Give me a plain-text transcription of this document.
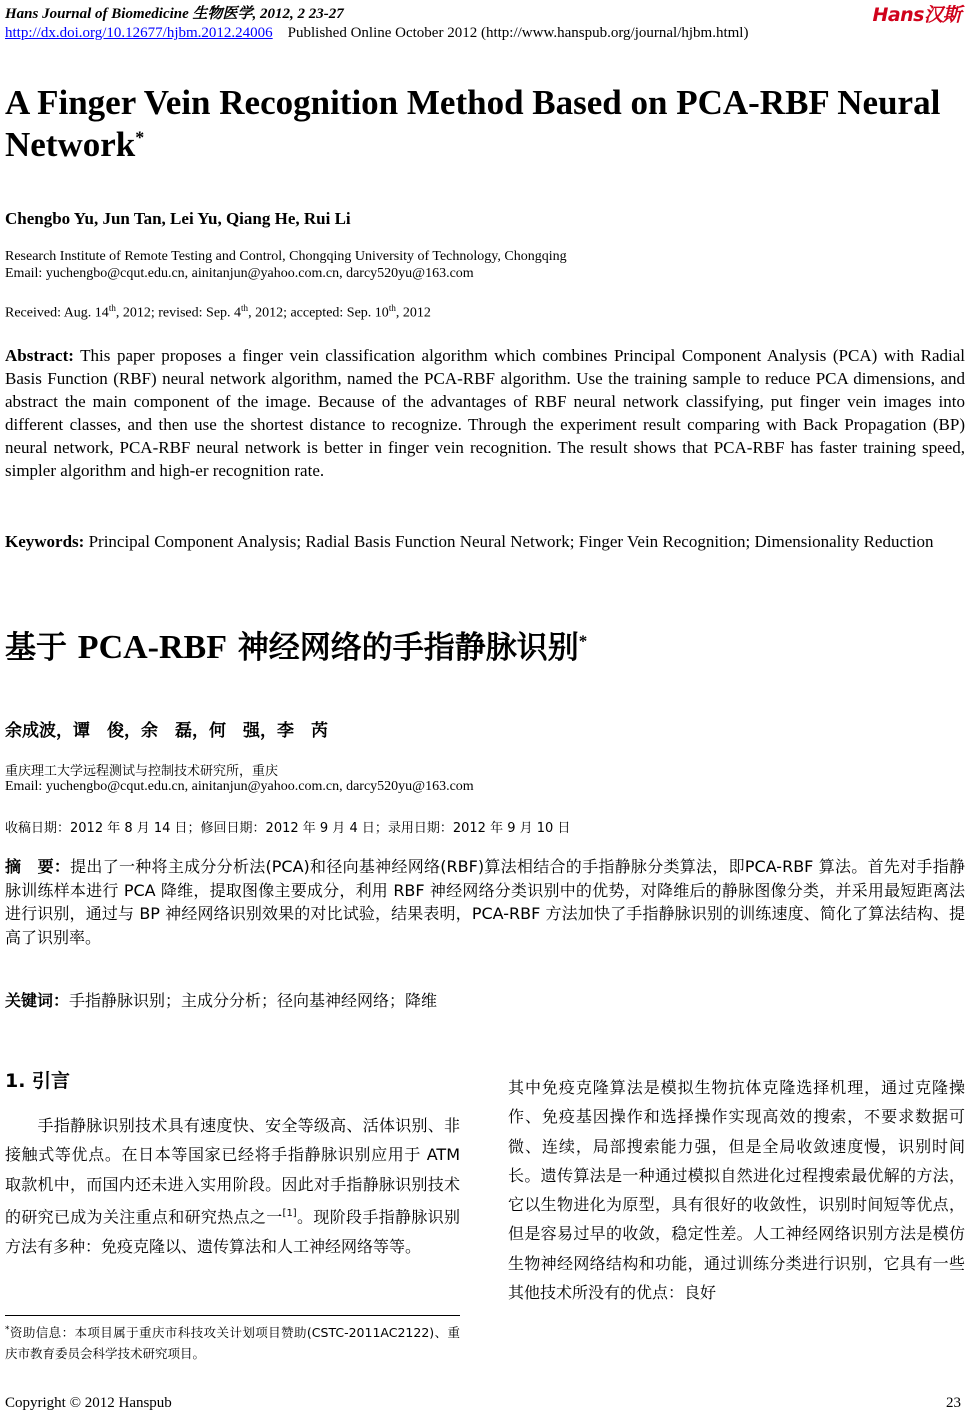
Hans Journal of Biomedicine 生物医学, 2012, 2 23-27	Hans汉斯
http://dx.doi.org/10.12677/hjbm.2012.24006 Published Online October 2012 (http://www.hanspub.org/journal/hjbm.html)
A Finger Vein Recognition Method Based on PCA-RBF Neural Network*
Chengbo Yu, Jun Tan, Lei Yu, Qiang He, Rui Li
Research Institute of Remote Testing and Control, Chongqing University of Technology, Chongqing
Email: yuchengbo@cqut.edu.cn, ainitanjun@yahoo.com.cn, darcy520yu@163.com
Received: Aug. 14th, 2012; revised: Sep. 4th, 2012; accepted: Sep. 10th, 2012

Abstract: This paper proposes a finger vein classification algorithm which combines Principal Component Analysis (PCA) with Radial Basis Function (RBF) neural network algorithm, named the PCA-RBF algorithm. Use the training sample to reduce PCA dimensions, and abstract the main component of the image. Because of the advantages of RBF neural network classifying, put finger vein images into different classes, and then use the shortest distance to recognize. Through the experiment result comparing with Back Propagation (BP) neural network, PCA-RBF neural network is better in finger vein recognition. The result shows that PCA-RBF has faster training speed, simpler algorithm and high-er recognition rate.

Keywords: Principal Component Analysis; Radial Basis Function Neural Network; Finger Vein Recognition; Dimensionality Reduction
基于 PCA-RBF 神经网络的手指静脉识别*
余成波，谭　俊，余　磊，何　强，李　芮
重庆理工大学远程测试与控制技术研究所，重庆
Email: yuchengbo@cqut.edu.cn, ainitanjun@yahoo.com.cn, darcy520yu@163.com
收稿日期：2012 年 8 月 14 日；修回日期：2012 年 9 月 4 日；录用日期：2012 年 9 月 10 日

摘　要：提出了一种将主成分分析法(PCA)和径向基神经网络(RBF)算法相结合的手指静脉分类算法，即PCA-RBF 算法。首先对手指静脉训练样本进行 PCA 降维，提取图像主要成分，利用 RBF 神经网络分类识别中的优势，对降维后的静脉图像分类，并采用最短距离法进行识别，通过与 BP 神经网络识别效果的对比试验，结果表明，PCA-RBF 方法加快了手指静脉识别的训练速度、简化了算法结构、提高了识别率。

关键词：手指静脉识别；主成分分析；径向基神经网络；降维
1. 引言

　　手指静脉识别技术具有速度快、安全等级高、活体识别、非接触式等优点。在日本等国家已经将手指静脉识别应用于 ATM 取款机中，而国内还未进入实用阶段。因此对手指静脉识别技术的研究已成为关注重点和研究热点之一[1]。现阶段手指静脉识别方法有多种：免疫克隆以、遗传算法和人工神经网络等等。

其中免疫克隆算法是模拟生物抗体克隆选择机理，通过克隆操作、免疫基因操作和选择操作实现高效的搜索，不要求数据可微、连续，局部搜索能力强，但是全局收敛速度慢，识别时间长。遗传算法是一种通过模拟自然进化过程搜索最优解的方法，它以生物进化为原型，具有很好的收敛性，识别时间短等优点，但是容易过早的收敛，稳定性差。人工神经网络识别方法是模仿生物神经网络结构和功能，通过训练分类进行识别，它具有一些其他技术所没有的优点：良好

*资助信息：本项目属于重庆市科技攻关计划项目赞助(CSTC-2011AC2122)、重庆市教育委员会科学技术研究项目。

Copyright © 2012 Hanspub	23
